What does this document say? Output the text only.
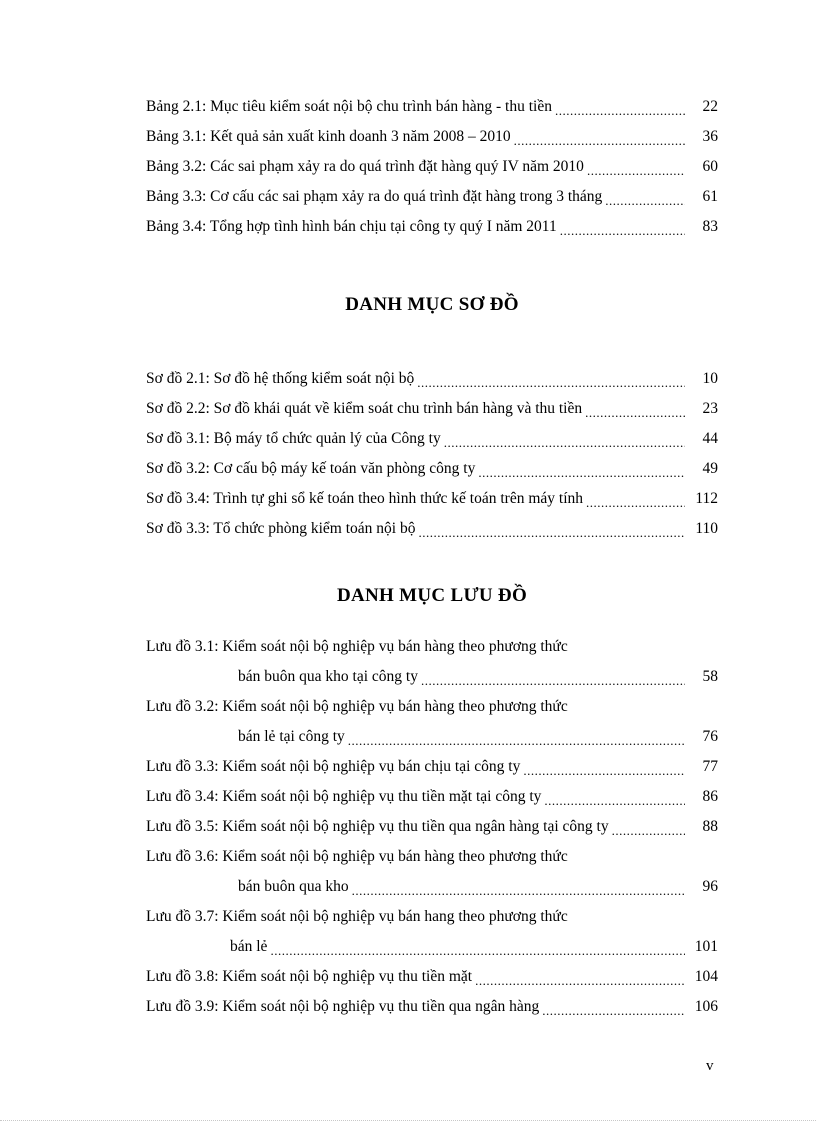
Bảng 2.1: Mục tiêu kiểm soát nội bộ chu trình bán hàng - thu tiền .....	22
Bảng 3.1: Kết quả sản xuất kinh doanh 3 năm 2008 – 2010 .....	36
Bảng 3.2: Các sai phạm xảy ra do quá trình đặt hàng quý IV năm 2010 .....	60
Bảng 3.3: Cơ cấu các sai phạm xảy ra do quá trình đặt hàng trong 3 tháng .....	61
Bảng 3.4: Tổng hợp tình hình bán chịu tại công ty quý I năm 2011 .....	83
DANH MỤC SƠ ĐỒ
Sơ đồ 2.1: Sơ đồ hệ thống kiểm soát nội bộ .....	10
Sơ đồ 2.2: Sơ đồ khái quát về kiểm soát chu trình bán hàng và thu tiền .....	23
Sơ đồ 3.1: Bộ máy tổ chức quản lý của Công ty .....	44
Sơ đồ 3.2: Cơ cấu bộ máy kế toán văn phòng công ty .....	49
Sơ đồ 3.4: Trình tự ghi sổ kế toán theo hình thức kế toán trên máy tính .....	112
Sơ đồ 3.3: Tổ chức phòng kiểm toán nội bộ .....	110
DANH MỤC LƯU ĐỒ
Lưu đồ 3.1: Kiểm soát nội bộ nghiệp vụ bán hàng theo phương thức
bán buôn qua kho tại công ty .....	58
Lưu đồ 3.2: Kiểm soát nội bộ nghiệp vụ bán hàng theo phương thức
bán lẻ tại công ty .....	76
Lưu đồ 3.3: Kiểm soát nội bộ nghiệp vụ bán chịu tại công ty .....	77
Lưu đồ 3.4: Kiểm soát nội bộ nghiệp vụ thu tiền mặt tại công ty .....	86
Lưu đồ 3.5: Kiểm soát nội bộ nghiệp vụ thu tiền qua ngân hàng tại công ty .....	88
Lưu đồ 3.6: Kiểm soát nội bộ nghiệp vụ bán hàng theo phương thức
bán buôn qua kho .....	96
Lưu đồ 3.7: Kiểm soát nội bộ nghiệp vụ bán hang theo phương thức
bán lẻ .....	101
Lưu đồ 3.8: Kiểm soát nội bộ nghiệp vụ thu tiền mặt .....	104
Lưu đồ 3.9: Kiểm soát nội bộ nghiệp vụ thu tiền qua ngân hàng .....	106
v
